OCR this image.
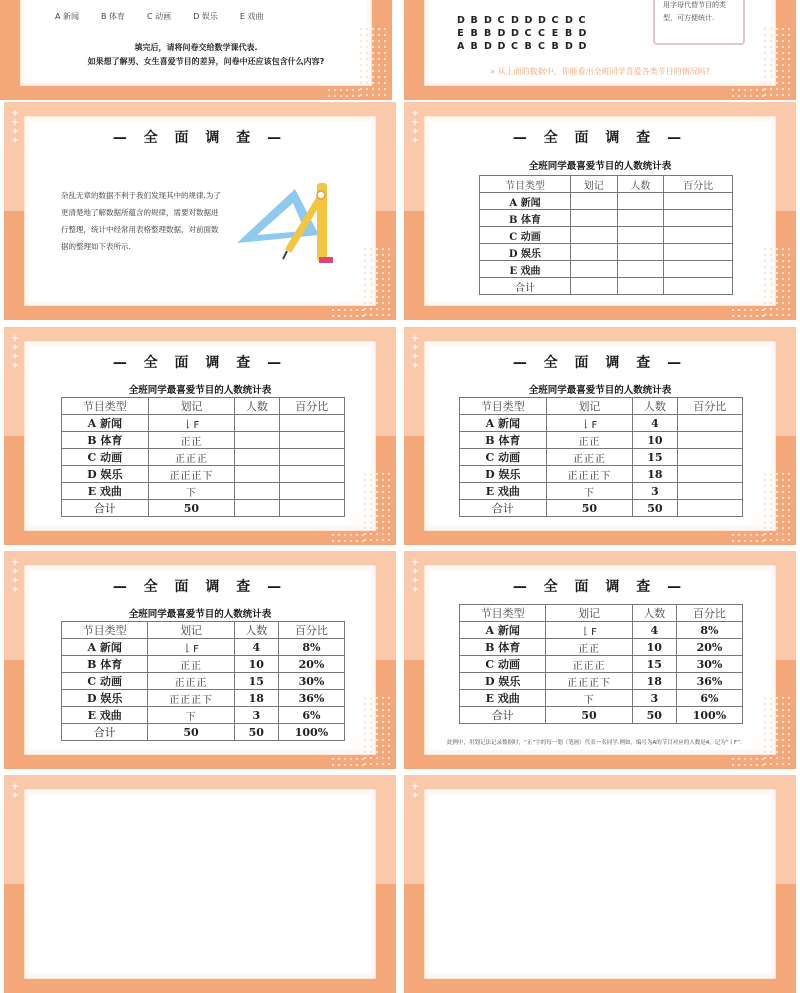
A 新闻	B 体育	C 动画	D 娱乐	E 戏曲
填完后，请将问卷交给数学课代表.
如果想了解男、女生喜爱节目的差异，问卷中还应该包含什么内容?
D B D C D D D C D C
E B B D D C C E B D
A B D D C B C B D D
用字母代替节目的类
型，可方便统计.
» 从上面的数据中，你能看出全班同学喜爱各类节目的情况吗?
+
+
+
+	— 全 面 调 查 —
杂乱无章的数据不利于我们发现其中的规律.为了更清楚地了解数据所蕴含的规律，需要对数据进行整理，统计中经常用表格整理数据，对前面数据的整理如下表所示.
+
+
+
+	— 全 面 调 查 —
全班同学最喜爱节目的人数统计表
节目类型	划记	人数	百分比
A 新闻			
B 体育			
C 动画			
D 娱乐			
E 戏曲			
合计			
+
+
+
+	— 全 面 调 查 —
全班同学最喜爱节目的人数统计表
节目类型	划记	人数	百分比
A 新闻	𠄌F		
B 体育	正正		
C 动画	正正正		
D 娱乐	正正正下		
E 戏曲	下		
合计	50		
+
+
+
+	— 全 面 调 查 —
全班同学最喜爱节目的人数统计表
节目类型	划记	人数	百分比
A 新闻	𠄌F	4	
B 体育	正正	10	
C 动画	正正正	15	
D 娱乐	正正正下	18	
E 戏曲	下	3	
合计	50	50	
+
+
+
+	— 全 面 调 查 —
全班同学最喜爱节目的人数统计表
节目类型	划记	人数	百分比
A 新闻	𠄌F	4	8%
B 体育	正正	10	20%
C 动画	正正正	15	30%
D 娱乐	正正正下	18	36%
E 戏曲	下	3	6%
合计	50	50	100%
+
+
+
+	— 全 面 调 查 —
节目类型	划记	人数	百分比
A 新闻	𠄌F	4	8%
B 体育	正正	10	20%
C 动画	正正正	15	30%
D 娱乐	正正正下	18	36%
E 戏曲	下	3	6%
合计	50	50	100%
此例中，用划记法记录数据时，“正”字的每一划（笔画）代表一名同学.例如，编号为A的节目对应的人数是4，记为“𠄌F”.
+
+
+
+
